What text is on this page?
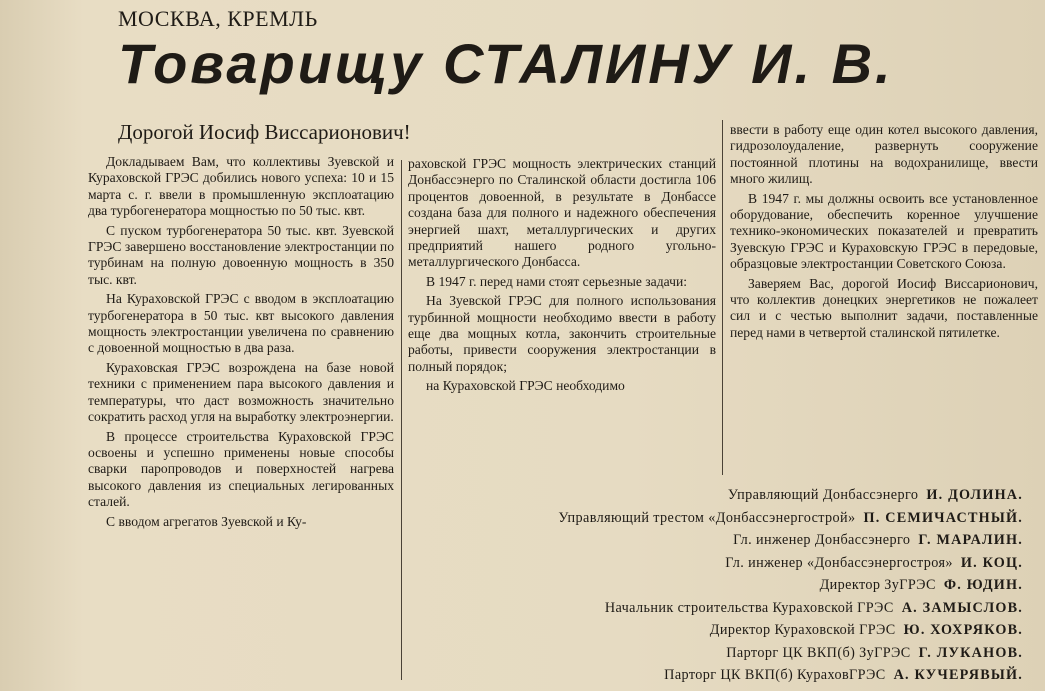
МОСКВА, КРЕМЛЬ
Товарищу СТАЛИНУ И. В.
Дорогой Иосиф Виссарионович!

Докладываем Вам, что коллективы Зуевской и Кураховской ГРЭС добились нового успеха: 10 и 15 марта с. г. ввели в промышленную эксплоатацию два турбогенератора мощностью по 50 тыс. квт.

С пуском турбогенератора 50 тыс. квт. Зуевской ГРЭС завершено восстановление электростанции по турбинам на полную довоенную мощность в 350 тыс. квт.

На Кураховской ГРЭС с вводом в эксплоатацию турбогенератора в 50 тыс. квт высокого давления мощность электростанции увеличена по сравнению с довоенной мощностью в два раза.

Кураховская ГРЭС возрождена на базе новой техники с применением пара высокого давления и температуры, что даст возможность значительно сократить расход угля на выработку электроэнергии.

В процессе строительства Кураховской ГРЭС освоены и успешно применены новые способы сварки паропроводов и поверхностей нагрева высокого давления из специальных легированных сталей.

С вводом агрегатов Зуевской и Ку-

раховской ГРЭС мощность электрических станций Донбассэнерго по Сталинской области достигла 106 процентов довоенной, в результате в Донбассе создана база для полного и надежного обеспечения энергией шахт, металлургических и других предприятий нашего родного угольно-металлургического Донбасса.

В 1947 г. перед нами стоят серьезные задачи:

На Зуевской ГРЭС для полного использования турбинной мощности необходимо ввести в работу еще два мощных котла, закончить строительные работы, привести сооружения электростанции в полный порядок;

на Кураховской ГРЭС необходимо

ввести в работу еще один котел высокого давления, гидрозолоудаление, развернуть сооружение постоянной плотины на водохранилище, ввести много жилищ.

В 1947 г. мы должны освоить все установленное оборудование, обеспечить коренное улучшение технико-экономических показателей и превратить Зуевскую ГРЭС и Кураховскую ГРЭС в передовые, образцовые электростанции Советского Союза.

Заверяем Вас, дорогой Иосиф Виссарионович, что коллектив донецких энергетиков не пожалеет сил и с честью выполнит задачи, поставленные перед нами в четвертой сталинской пятилетке.

Управляющий Донбассэнерго И. ДОЛИНА.
Управляющий трестом «Донбассэнергострой» П. СЕМИЧАСТНЫЙ.
Гл. инженер Донбассэнерго Г. МАРАЛИН.
Гл. инженер «Донбассэнергостроя» И. КОЦ.
Директор ЗуГРЭС Ф. ЮДИН.
Начальник строительства Кураховской ГРЭС А. ЗАМЫСЛОВ.
Директор Кураховской ГРЭС Ю. ХОХРЯКОВ.
Парторг ЦК ВКП(б) ЗуГРЭС Г. ЛУКАНОВ.
Парторг ЦК ВКП(б) КураховГРЭС А. КУЧЕРЯВЫЙ.
